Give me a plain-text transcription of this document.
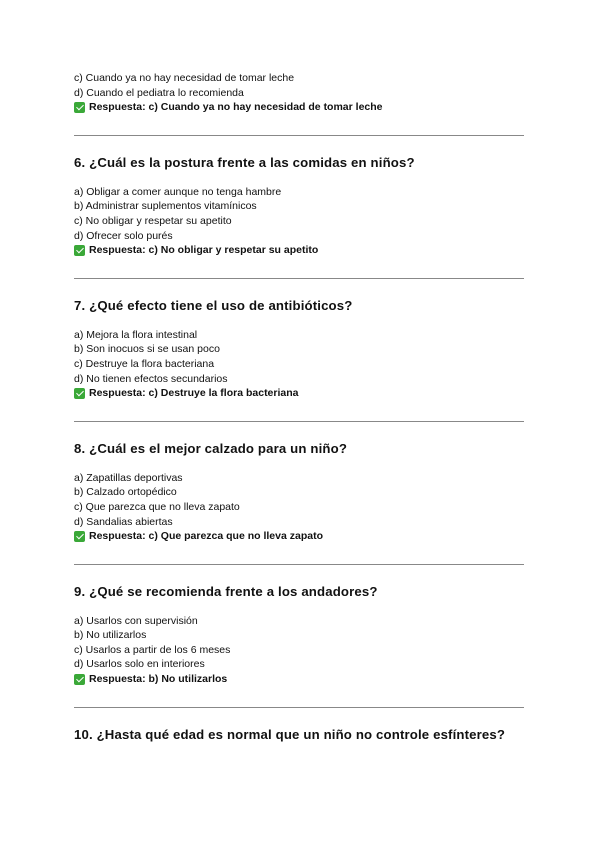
c) Cuando ya no hay necesidad de tomar leche

d) Cuando el pediatra lo recomienda

Respuesta: c) Cuando ya no hay necesidad de tomar leche

6. ¿Cuál es la postura frente a las comidas en niños?

a) Obligar a comer aunque no tenga hambre

b) Administrar suplementos vitamínicos

c) No obligar y respetar su apetito

d) Ofrecer solo purés

Respuesta: c) No obligar y respetar su apetito

7. ¿Qué efecto tiene el uso de antibióticos?

a) Mejora la flora intestinal

b) Son inocuos si se usan poco

c) Destruye la flora bacteriana

d) No tienen efectos secundarios

Respuesta: c) Destruye la flora bacteriana

8. ¿Cuál es el mejor calzado para un niño?

a) Zapatillas deportivas

b) Calzado ortopédico

c) Que parezca que no lleva zapato

d) Sandalias abiertas

Respuesta: c) Que parezca que no lleva zapato

9. ¿Qué se recomienda frente a los andadores?

a) Usarlos con supervisión

b) No utilizarlos

c) Usarlos a partir de los 6 meses

d) Usarlos solo en interiores

Respuesta: b) No utilizarlos

10. ¿Hasta qué edad es normal que un niño no controle esfínteres?
